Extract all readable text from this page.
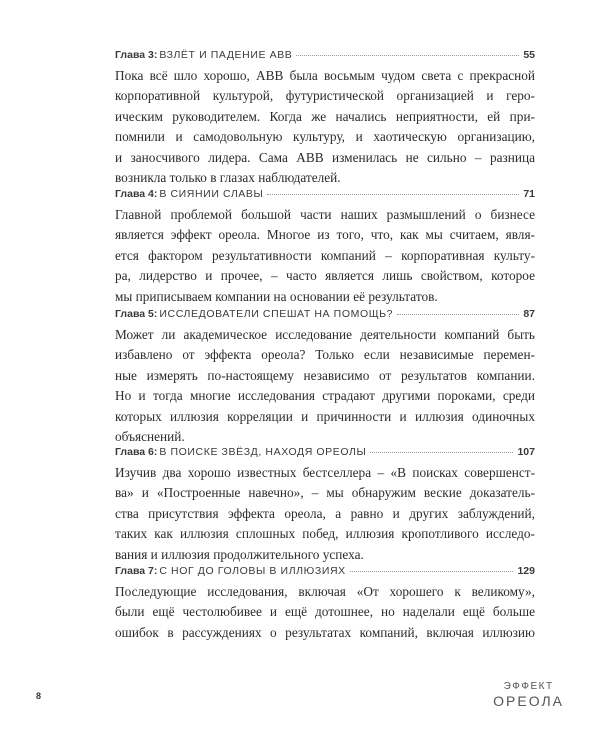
Глава 3: ВЗЛЁТ И ПАДЕНИЕ ABB	55
Пока всё шло хорошо, ABB была восьмым чудом света с прекрасной
корпоративной культурой, футуристической организацией и геро-
ическим руководителем. Когда же начались неприятности, ей при-
помнили и самодовольную культуру, и хаотическую организацию,
и заносчивого лидера. Сама ABB изменилась не сильно – разница
возникла только в глазах наблюдателей.
Глава 4: В СИЯНИИ СЛАВЫ	71
Главной проблемой большой части наших размышлений о бизнесе
является эффект ореола. Многое из того, что, как мы считаем, явля-
ется фактором результативности компаний – корпоративная культу-
ра, лидерство и прочее, – часто является лишь свойством, которое
мы приписываем компании на основании её результатов.
Глава 5: ИССЛЕДОВАТЕЛИ СПЕШАТ НА ПОМОЩЬ?	87
Может ли академическое исследование деятельности компаний быть
избавлено от эффекта ореола? Только если независимые перемен-
ные измерять по-настоящему независимо от результатов компании.
Но и тогда многие исследования страдают другими пороками, среди
которых иллюзия корреляции и причинности и иллюзия одиночных
объяснений.
Глава 6: В ПОИСКЕ ЗВЁЗД, НАХОДЯ ОРЕОЛЫ	107
Изучив два хорошо известных бестселлера – «В поисках совершенст-
ва» и «Построенные навечно», – мы обнаружим веские доказатель-
ства присутствия эффекта ореола, а равно и других заблуждений,
таких как иллюзия сплошных побед, иллюзия кропотливого исследо-
вания и иллюзия продолжительного успеха.
Глава 7: С НОГ ДО ГОЛОВЫ В ИЛЛЮЗИЯХ	129
Последующие исследования, включая «От хорошего к великому»,
были ещё честолюбивее и ещё дотошнее, но наделали ещё больше
ошибок в рассуждениях о результатах компаний, включая иллюзию
8
ЭФФЕКТ
ОРЕОЛА
